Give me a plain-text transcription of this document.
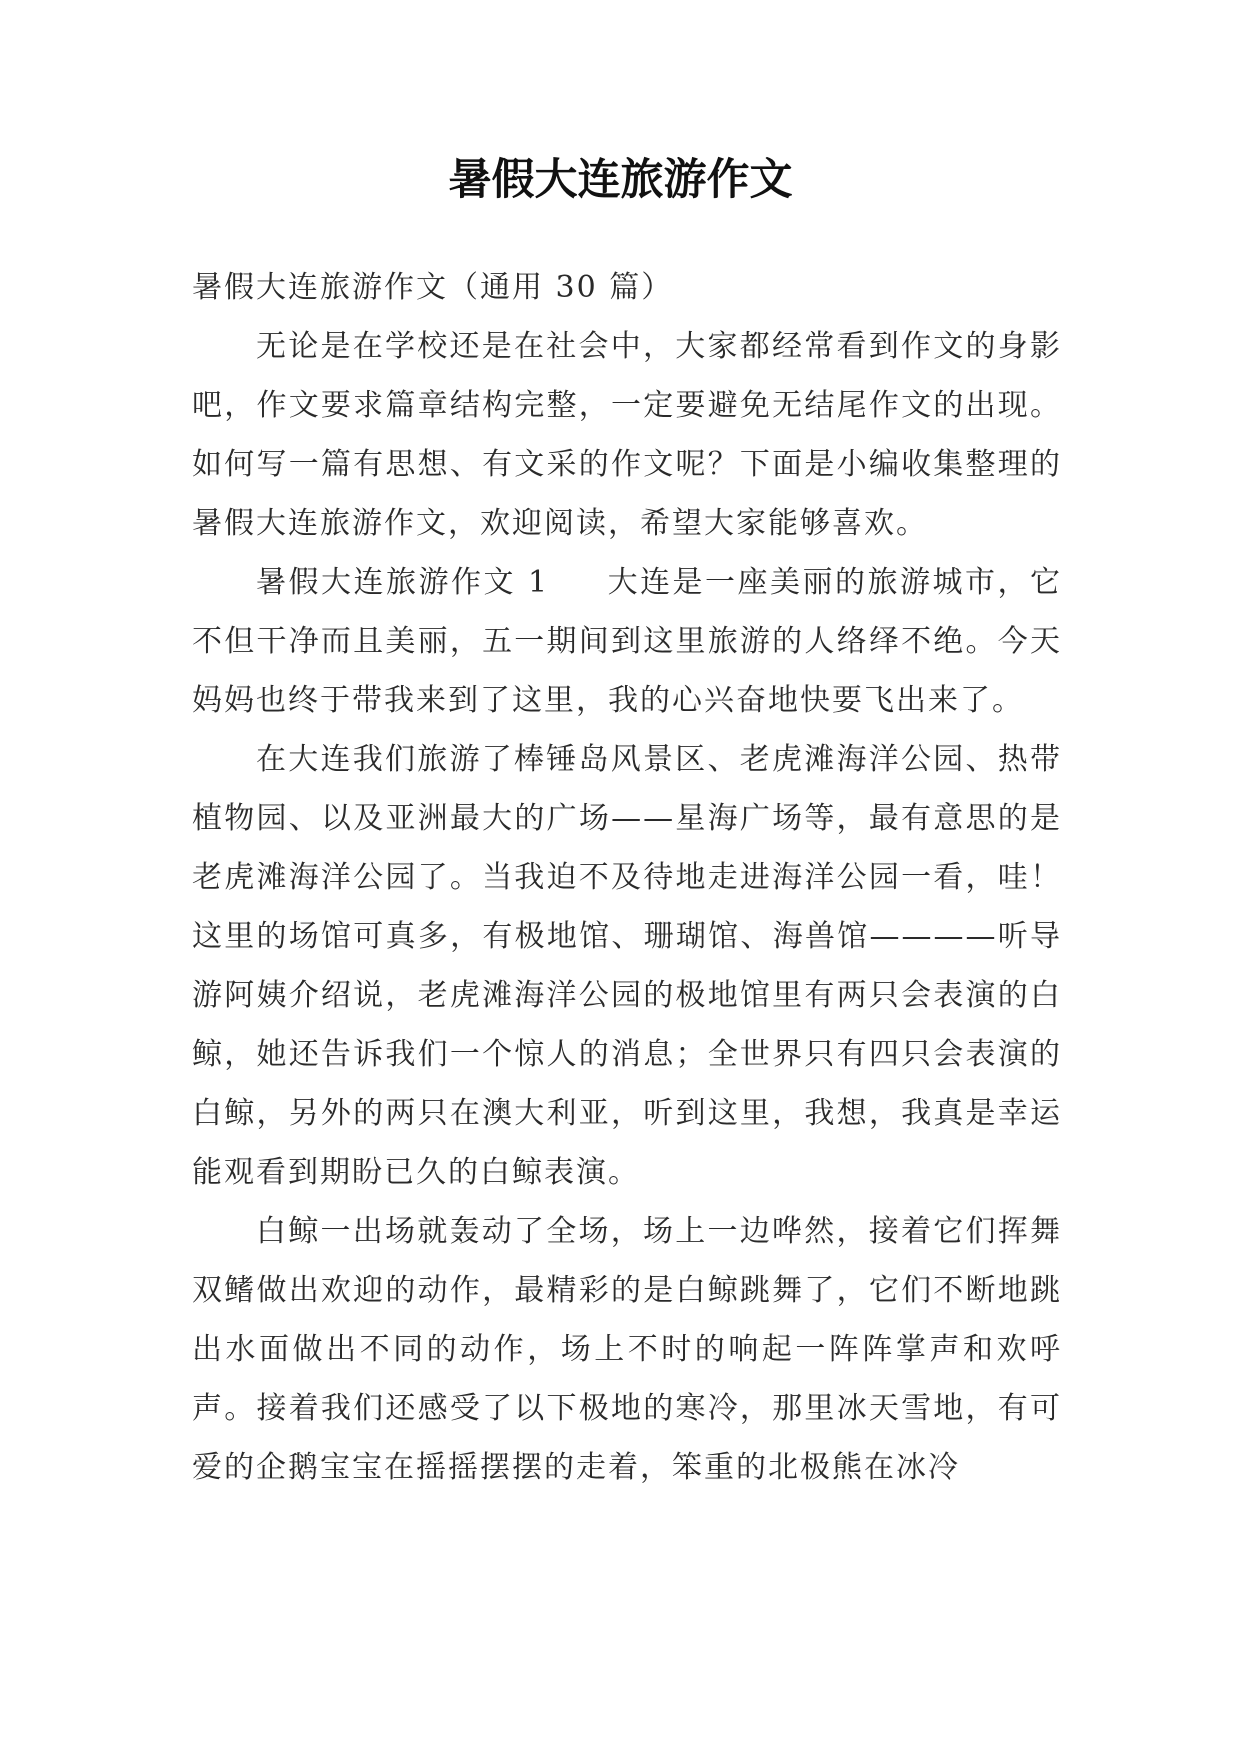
暑假大连旅游作文

暑假大连旅游作文（通用 30 篇）

无论是在学校还是在社会中，大家都经常看到作文的身影吧，作文要求篇章结构完整，一定要避免无结尾作文的出现。如何写一篇有思想、有文采的作文呢？下面是小编收集整理的暑假大连旅游作文，欢迎阅读，希望大家能够喜欢。

暑假大连旅游作文 1 大连是一座美丽的旅游城市，它不但干净而且美丽，五一期间到这里旅游的人络绎不绝。今天妈妈也终于带我来到了这里，我的心兴奋地快要飞出来了。

在大连我们旅游了棒锤岛风景区、老虎滩海洋公园、热带植物园、以及亚洲最大的广场——星海广场等，最有意思的是老虎滩海洋公园了。当我迫不及待地走进海洋公园一看，哇！这里的场馆可真多，有极地馆、珊瑚馆、海兽馆————听导游阿姨介绍说，老虎滩海洋公园的极地馆里有两只会表演的白鲸，她还告诉我们一个惊人的消息；全世界只有四只会表演的白鲸，另外的两只在澳大利亚，听到这里，我想，我真是幸运能观看到期盼已久的白鲸表演。

白鲸一出场就轰动了全场，场上一边哗然，接着它们挥舞双鳍做出欢迎的动作，最精彩的是白鲸跳舞了，它们不断地跳出水面做出不同的动作，场上不时的响起一阵阵掌声和欢呼声。接着我们还感受了以下极地的寒冷，那里冰天雪地，有可爱的企鹅宝宝在摇摇摆摆的走着，笨重的北极熊在冰冷
